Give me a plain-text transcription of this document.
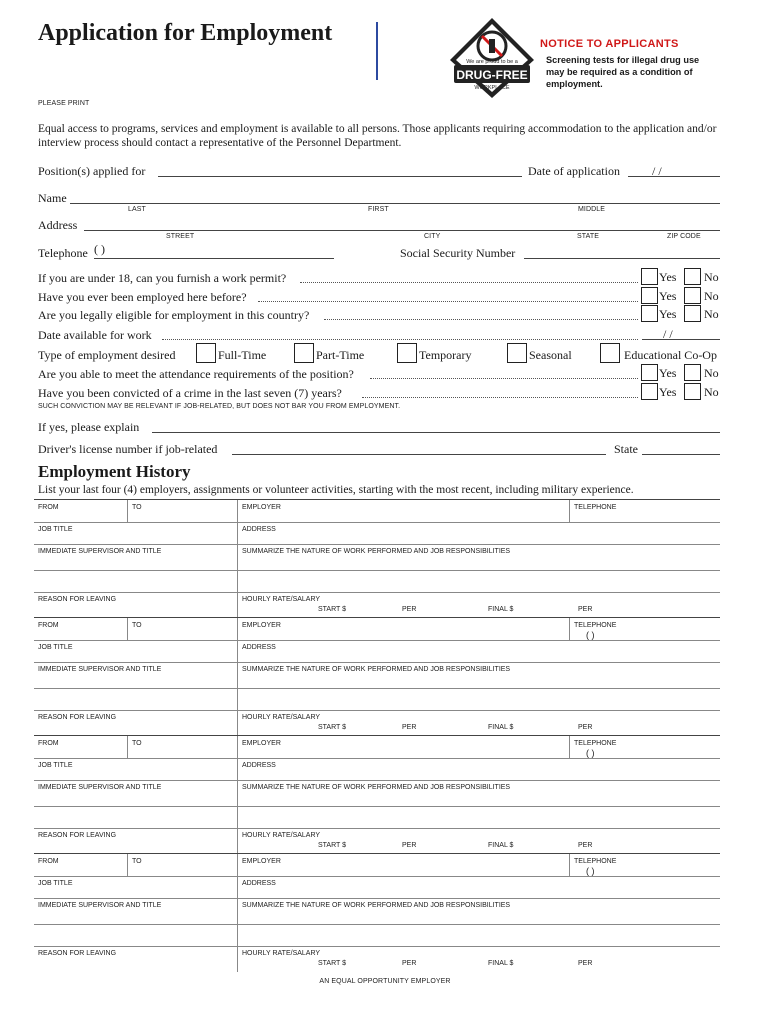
Application for Employment
We are proud to be a
DRUG-FREE
WORKPLACE
NOTICE TO APPLICANTS
Screening tests for illegal drug use may be required as a condition of employment.
PLEASE PRINT
Equal access to programs, services and employment is available to all persons. Those applicants requiring accommodation to the application and/or interview process should contact a representative of the Personnel Department.
Position(s) applied for	Date of application	/ /
Name
LAST	FIRST	MIDDLE
Address
STREET	CITY	STATE	ZIP CODE
Telephone ( )	Social Security Number
If you are under 18, can you furnish a work permit?	Yes No
Have you ever been employed here before?	Yes No
Are you legally eligible for employment in this country?	Yes No
Date available for work	/ /
Type of employment desired	Full-Time	Part-Time	Temporary	Seasonal	Educational Co-Op
Are you able to meet the attendance requirements of the position?	Yes No
Have you been convicted of a crime in the last seven (7) years?	Yes No
SUCH CONVICTION MAY BE RELEVANT IF JOB-RELATED, BUT DOES NOT BAR YOU FROM EMPLOYMENT.
If yes, please explain
Driver's license number if job-related	State
Employment History
List your last four (4) employers, assignments or volunteer activities, starting with the most recent, including military experience.
FROM	TO	EMPLOYER	TELEPHONE
JOB TITLE	ADDRESS
IMMEDIATE SUPERVISOR AND TITLE	SUMMARIZE THE NATURE OF WORK PERFORMED AND JOB RESPONSIBILITIES
REASON FOR LEAVING	HOURLY RATE/SALARY
START $	PER	FINAL $	PER
FROM	TO	EMPLOYER	TELEPHONE
( )
JOB TITLE	ADDRESS
IMMEDIATE SUPERVISOR AND TITLE	SUMMARIZE THE NATURE OF WORK PERFORMED AND JOB RESPONSIBILITIES
REASON FOR LEAVING	HOURLY RATE/SALARY
START $	PER	FINAL $	PER
FROM	TO	EMPLOYER	TELEPHONE
( )
JOB TITLE	ADDRESS
IMMEDIATE SUPERVISOR AND TITLE	SUMMARIZE THE NATURE OF WORK PERFORMED AND JOB RESPONSIBILITIES
REASON FOR LEAVING	HOURLY RATE/SALARY
START $	PER	FINAL $	PER
FROM	TO	EMPLOYER	TELEPHONE
( )
JOB TITLE	ADDRESS
IMMEDIATE SUPERVISOR AND TITLE	SUMMARIZE THE NATURE OF WORK PERFORMED AND JOB RESPONSIBILITIES
REASON FOR LEAVING	HOURLY RATE/SALARY
START $	PER	FINAL $	PER
AN EQUAL OPPORTUNITY EMPLOYER
